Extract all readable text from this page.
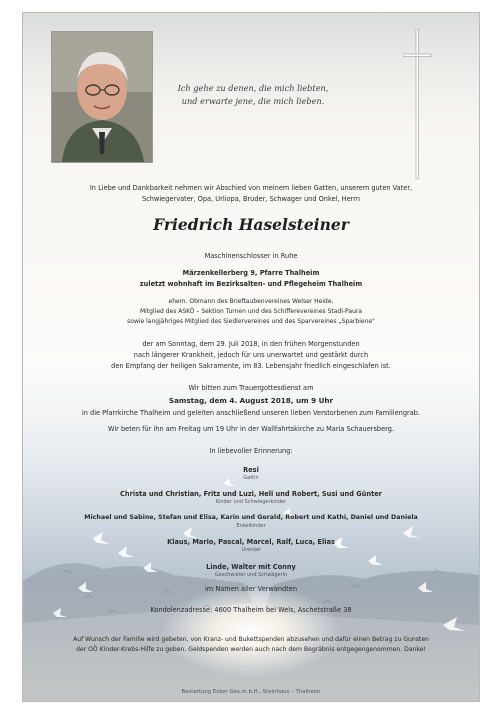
Ich gehe zu denen, die mich liebten,
und erwarte jene, die mich lieben.
In Liebe und Dankbarkeit nehmen wir Abschied von meinem lieben Gatten, unserem guten Vater,
Schwiegervater, Opa, Urliopa, Bruder, Schwager und Onkel, Herrn
Friedrich Haselsteiner
Maschinenschlosser in Ruhe
Märzenkellerberg 9, Pfarre Thalheim
zuletzt wohnhaft im Bezirksalten- und Pflegeheim Thalheim
ehem. Obmann des Brieftaubenvereines Welser Heide,
Mitglied des ASKÖ – Sektion Turnen und des Schifferevereines Stadl-Paura
sowie langjähriges Mitglied des Siedlervereines und des Sparvereines „Sparbiene"
der am Sonntag, dem 29. Juli 2018, in den frühen Morgenstunden
nach längerer Krankheit, jedoch für uns unerwartet und gestärkt durch
den Empfang der heiligen Sakramente, im 83. Lebensjahr friedlich eingeschlafen ist.
Wir bitten zum Trauergottesdienst am
Samstag, dem 4. August 2018, um 9 Uhr
in die Pfarrkirche Thalheim und geleiten anschließend unseren lieben Verstorbenen zum Familiengrab.
Wir beten für ihn am Freitag um 19 Uhr in der Wallfahrtskirche zu Maria Schauersberg.
In liebevoller Erinnerung:
Resi
Gattin
Christa und Christian, Fritz und Luzi, Heli und Robert, Susi und Günter
Kinder und Schwiegerkinder
Michael und Sabine, Stefan und Elisa, Karin und Gerald, Robert und Kathi, Daniel und Daniela
Enkelkinder
Klaus, Mario, Pascal, Marcel, Ralf, Luca, Elias
Urenkel
Linde, Walter mit Conny
Geschwister und Schwägerin
im Namen aller Verwandten
Kondolenzadresse: 4600 Thalheim bei Wels, Aschetstraße 38
Auf Wunsch der Familie wird gebeten, von Kranz- und Bukettspenden abzusehen und dafür einen Betrag zu Gunsten
der OÖ Kinder-Krebs-Hilfe zu geben. Geldspenden werden auch nach dem Begräbnis entgegengenommen. Danke!
Bestattung Ecker Ges.m.b.H., Steinhaus – Thalheim
